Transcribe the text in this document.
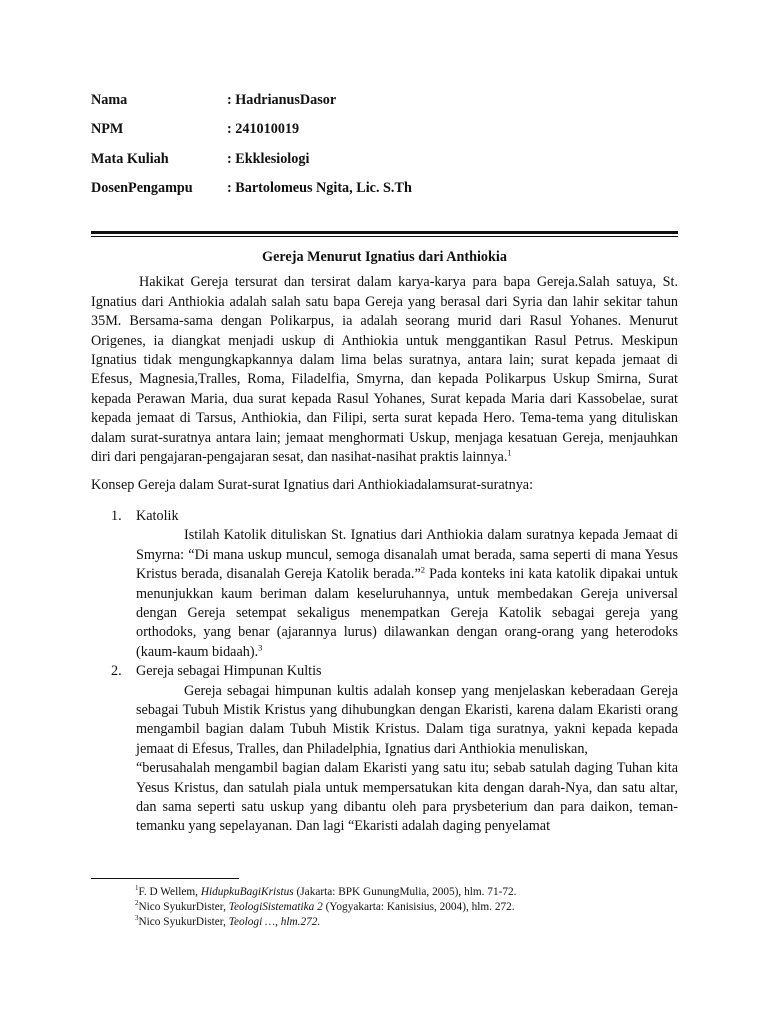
Nama	: HadrianusDasor
NPM	: 241010019
Mata Kuliah	: Ekklesiologi
DosenPengampu	: Bartolomeus Ngita, Lic. S.Th
Gereja Menurut Ignatius dari Anthiokia

Hakikat Gereja tersurat dan tersirat dalam karya-karya para bapa Gereja.Salah satuya, St. Ignatius dari Anthiokia adalah salah satu bapa Gereja yang berasal dari Syria dan lahir sekitar tahun 35M. Bersama-sama dengan Polikarpus, ia adalah seorang murid dari Rasul Yohanes. Menurut Origenes, ia diangkat menjadi uskup di Anthiokia untuk menggantikan Rasul Petrus. Meskipun Ignatius tidak mengungkapkannya dalam lima belas suratnya, antara lain; surat kepada jemaat di Efesus, Magnesia,Tralles, Roma, Filadelfia, Smyrna, dan kepada Polikarpus Uskup Smirna, Surat kepada Perawan Maria, dua surat kepada Rasul Yohanes, Surat kepada Maria dari Kassobelae, surat kepada jemaat di Tarsus, Anthiokia, dan Filipi, serta surat kepada Hero. Tema-tema yang dituliskan dalam surat-suratnya antara lain; jemaat menghormati Uskup, menjaga kesatuan Gereja, menjauhkan diri dari pengajaran-pengajaran sesat, dan nasihat-nasihat praktis lainnya.$^1$

Konsep Gereja dalam Surat-surat Ignatius dari Anthiokiadalamsurat-suratnya:

1. Katolik

Istilah Katolik dituliskan St. Ignatius dari Anthiokia dalam suratnya kepada Jemaat di Smyrna: “Di mana uskup muncul, semoga disanalah umat berada, sama seperti di mana Yesus Kristus berada, disanalah Gereja Katolik berada.”$^2$ Pada konteks ini kata katolik dipakai untuk menunjukkan kaum beriman dalam keseluruhannya, untuk membedakan Gereja universal dengan Gereja setempat sekaligus menempatkan Gereja Katolik sebagai gereja yang orthodoks, yang benar (ajarannya lurus) dilawankan dengan orang-orang yang heterodoks (kaum-kaum bidaah).$^3$

2. Gereja sebagai Himpunan Kultis

Gereja sebagai himpunan kultis adalah konsep yang menjelaskan keberadaan Gereja sebagai Tubuh Mistik Kristus yang dihubungkan dengan Ekaristi, karena dalam Ekaristi orang mengambil bagian dalam Tubuh Mistik Kristus. Dalam tiga suratnya, yakni kepada kepada jemaat di Efesus, Tralles, dan Philadelphia, Ignatius dari Anthiokia menuliskan,

“berusahalah mengambil bagian dalam Ekaristi yang satu itu; sebab satulah daging Tuhan kita Yesus Kristus, dan satulah piala untuk mempersatukan kita dengan darah-Nya, dan satu altar, dan sama seperti satu uskup yang dibantu oleh para prysbeterium dan para daikon, teman-temanku yang sepelayanan. Dan lagi “Ekaristi adalah daging penyelamat

$^1$F. D Wellem, HidupkuBagiKristus (Jakarta: BPK GunungMulia, 2005), hlm. 71-72.
$^2$Nico SyukurDister, TeologiSistematika 2 (Yogyakarta: Kanisisius, 2004), hlm. 272.
$^3$Nico SyukurDister, Teologi …, hlm.272.
